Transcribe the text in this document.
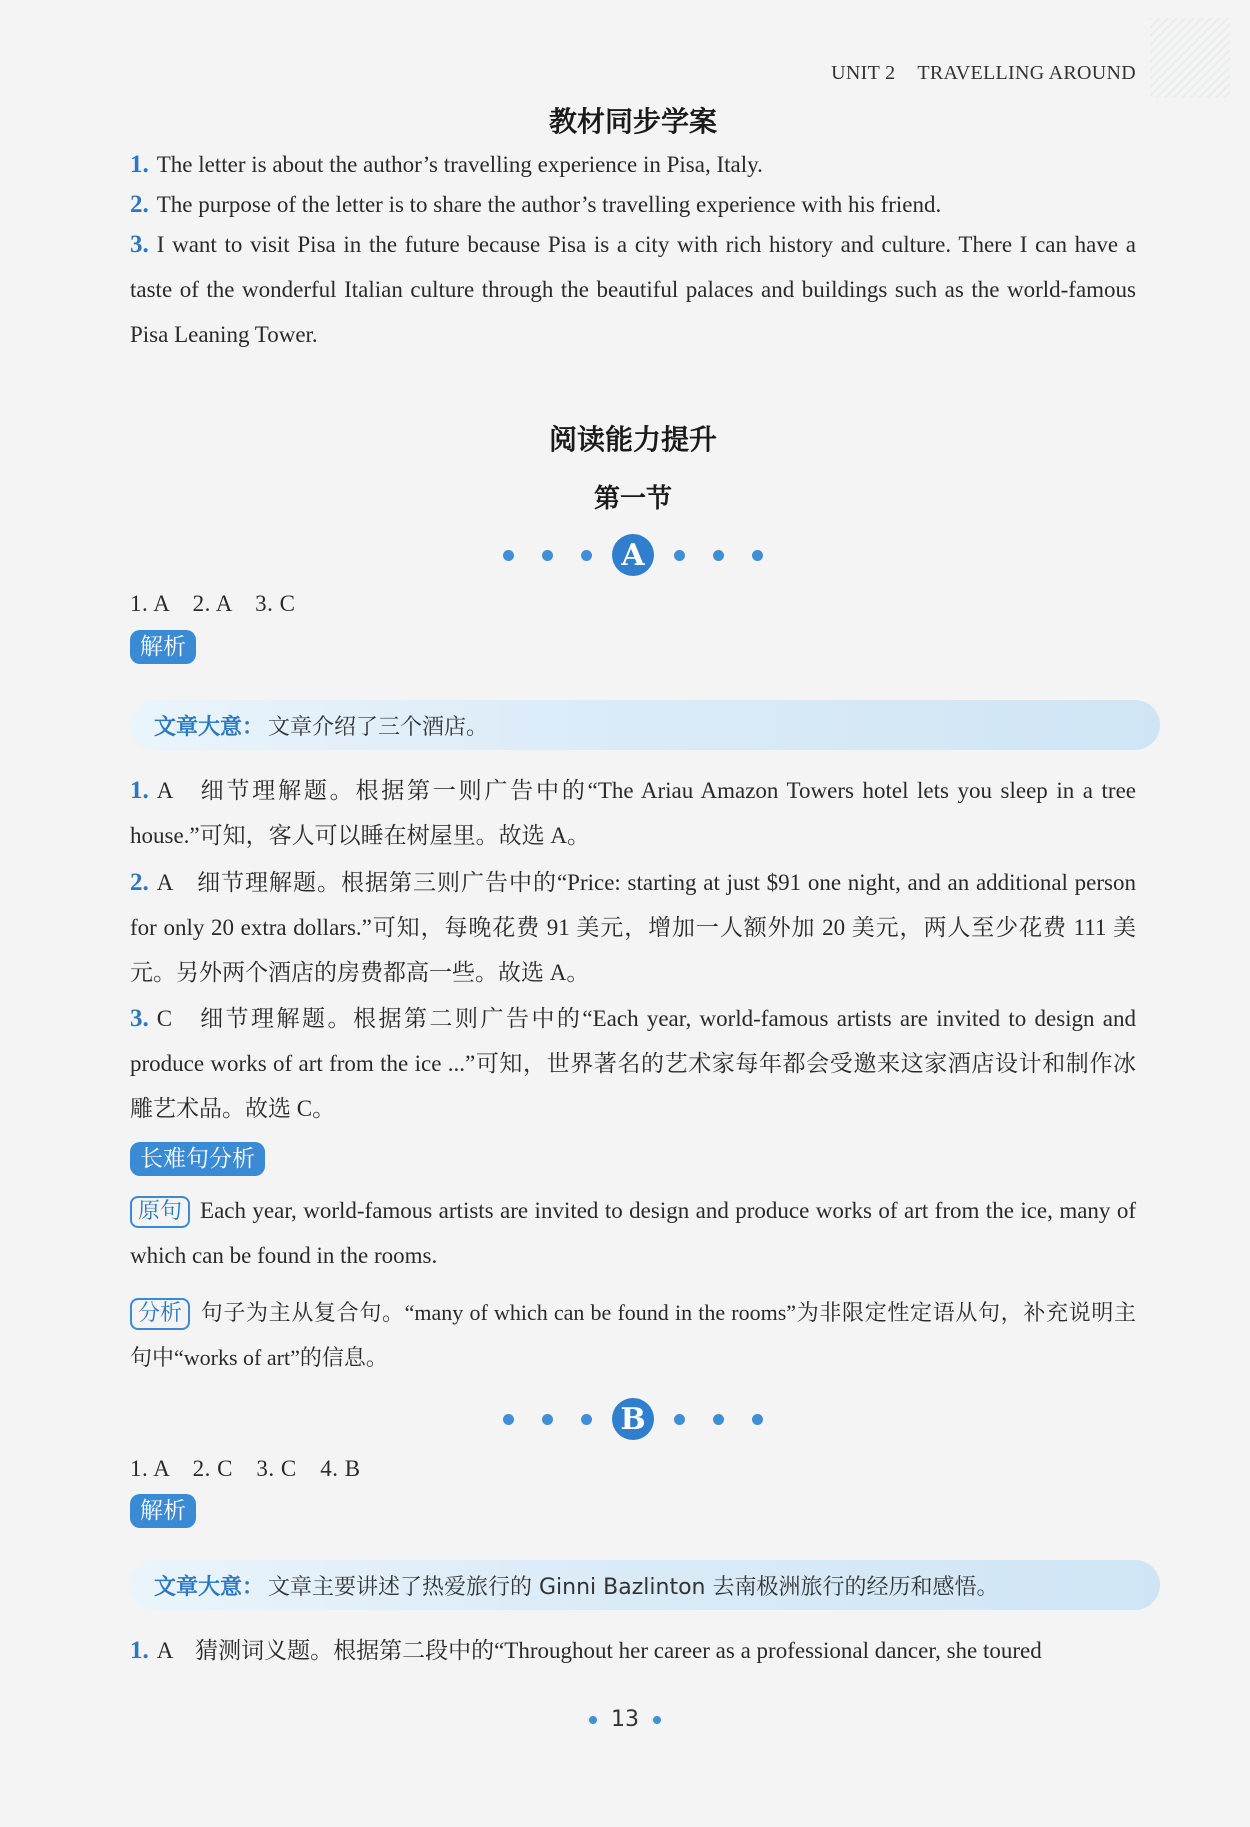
UNIT 2 TRAVELLING AROUND
教材同步学案
1. The letter is about the author’s travelling experience in Pisa, Italy.
2. The purpose of the letter is to share the author’s travelling experience with his friend.
3. I want to visit Pisa in the future because Pisa is a city with rich history and culture. There I can have a taste of the wonderful Italian culture through the beautiful palaces and buildings such as the world-famous Pisa Leaning Tower.
阅读能力提升
第一节
A
1. A　2. A　3. C
解析
文章大意： 文章介绍了三个酒店。
1. A　细节理解题。根据第一则广告中的“The Ariau Amazon Towers hotel lets you sleep in a tree house.”可知，客人可以睡在树屋里。故选 A。
2. A　细节理解题。根据第三则广告中的“Price: starting at just $91 one night, and an additional person for only 20 extra dollars.”可知，每晚花费 91 美元，增加一人额外加 20 美元，两人至少花费 111 美元。另外两个酒店的房费都高一些。故选 A。
3. C　细节理解题。根据第二则广告中的“Each year, world-famous artists are invited to design and produce works of art from the ice ...”可知，世界著名的艺术家每年都会受邀来这家酒店设计和制作冰雕艺术品。故选 C。
长难句分析
原句 Each year, world-famous artists are invited to design and produce works of art from the ice, many of which can be found in the rooms.
分析 句子为主从复合句。“many of which can be found in the rooms”为非限定性定语从句，补充说明主句中“works of art”的信息。
B
1. A　2. C　3. C　4. B
解析
文章大意： 文章主要讲述了热爱旅行的 Ginni Bazlinton 去南极洲旅行的经历和感悟。
1. A　猜测词义题。根据第二段中的“Throughout her career as a professional dancer, she toured
13
